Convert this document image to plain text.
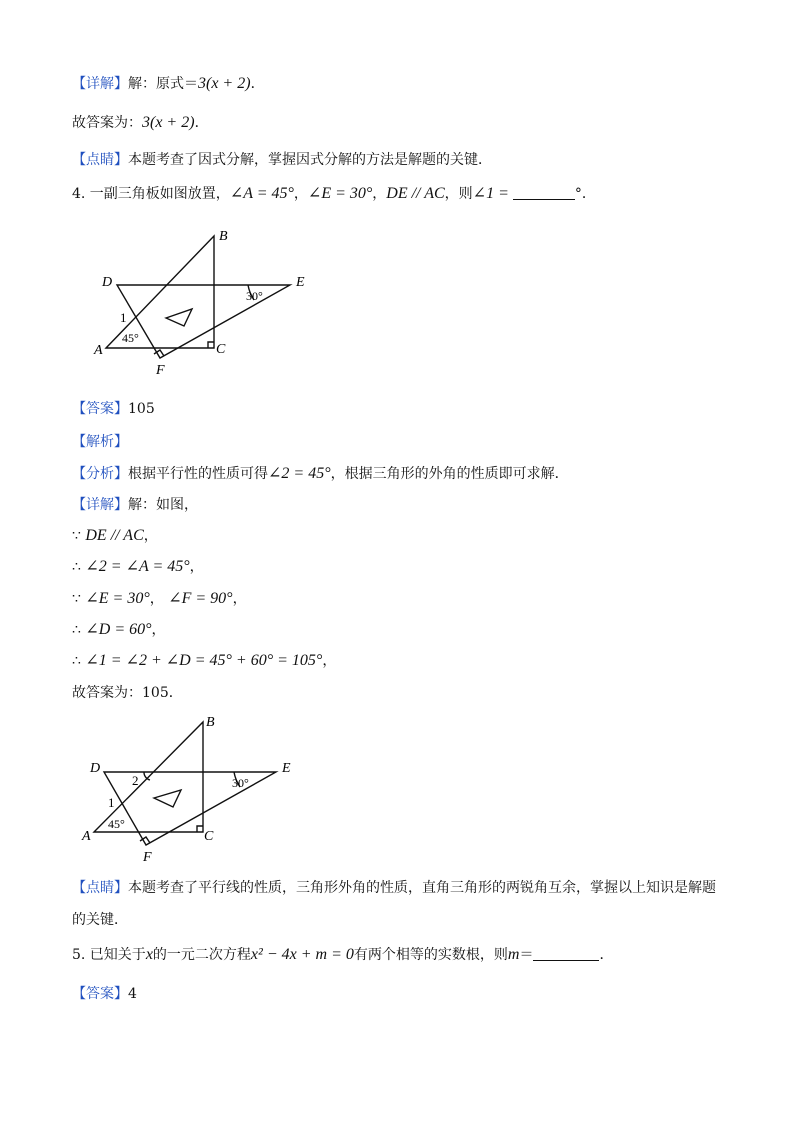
【详解】解：原式＝3(x + 2)．
故答案为：3(x + 2)．
【点睛】本题考查了因式分解，掌握因式分解的方法是解题的关键．
4. 一副三角板如图放置，∠A = 45°，∠E = 30°，DE // AC，则∠1 =	°．
B
D	E
A	C
F
1
45°
30°
【答案】105
【解析】
【分析】根据平行性的性质可得∠2 = 45°，根据三角形的外角的性质即可求解．
【详解】解：如图，
∵ DE // AC，
∴ ∠2 = ∠A = 45°，
∵ ∠E = 30°， ∠F = 90°，
∴ ∠D = 60°，
∴ ∠1 = ∠2 + ∠D = 45° + 60° = 105°，
故答案为：105．
B
D	E
A	C
F
1
2
45°
30°
【点睛】本题考查了平行线的性质，三角形外角的性质，直角三角形的两锐角互余，掌握以上知识是解题
的关键．
5. 已知关于x的一元二次方程x² − 4x + m = 0有两个相等的实数根，则m＝	．
【答案】4
